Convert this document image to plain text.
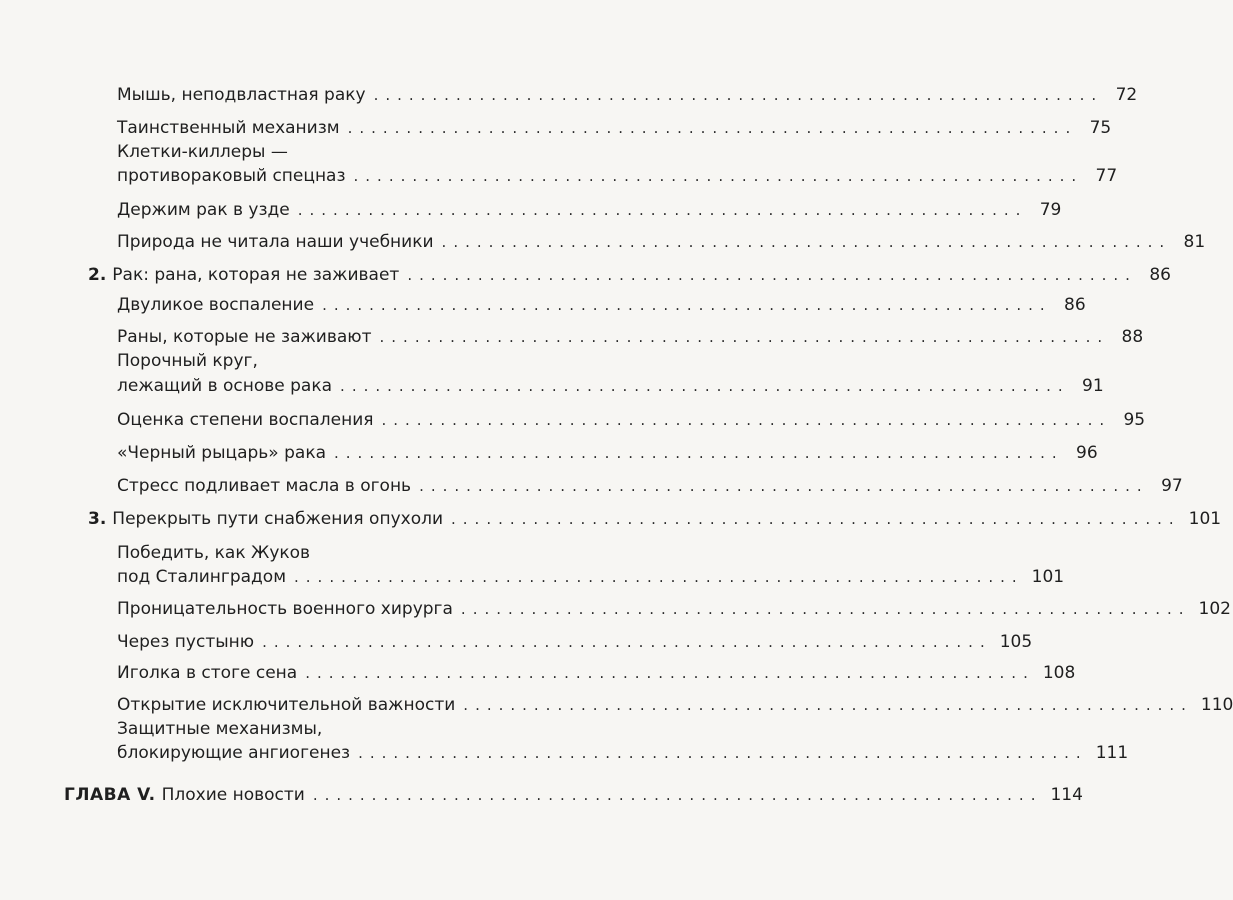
Мышь, неподвластная раку .............................................................. 72
Таинственный механизм .............................................................. 75
Клетки-киллеры —
противораковый спецназ .............................................................. 77
Держим рак в узде .............................................................. 79
Природа не читала наши учебники .............................................................. 81
2. Рак: рана, которая не заживает .............................................................. 86
Двуликое воспаление .............................................................. 86
Раны, которые не заживают .............................................................. 88
Порочный круг,
лежащий в основе рака .............................................................. 91
Оценка степени воспаления .............................................................. 95
«Черный рыцарь» рака .............................................................. 96
Стресс подливает масла в огонь .............................................................. 97
3. Перекрыть пути снабжения опухоли .............................................................. 101
Победить, как Жуков
под Сталинградом .............................................................. 101
Проницательность военного хирурга .............................................................. 102
Через пустыню .............................................................. 105
Иголка в стоге сена .............................................................. 108
Открытие исключительной важности .............................................................. 110
Защитные механизмы,
блокирующие ангиогенез .............................................................. 111
ГЛАВА V. Плохие новости .............................................................. 114
